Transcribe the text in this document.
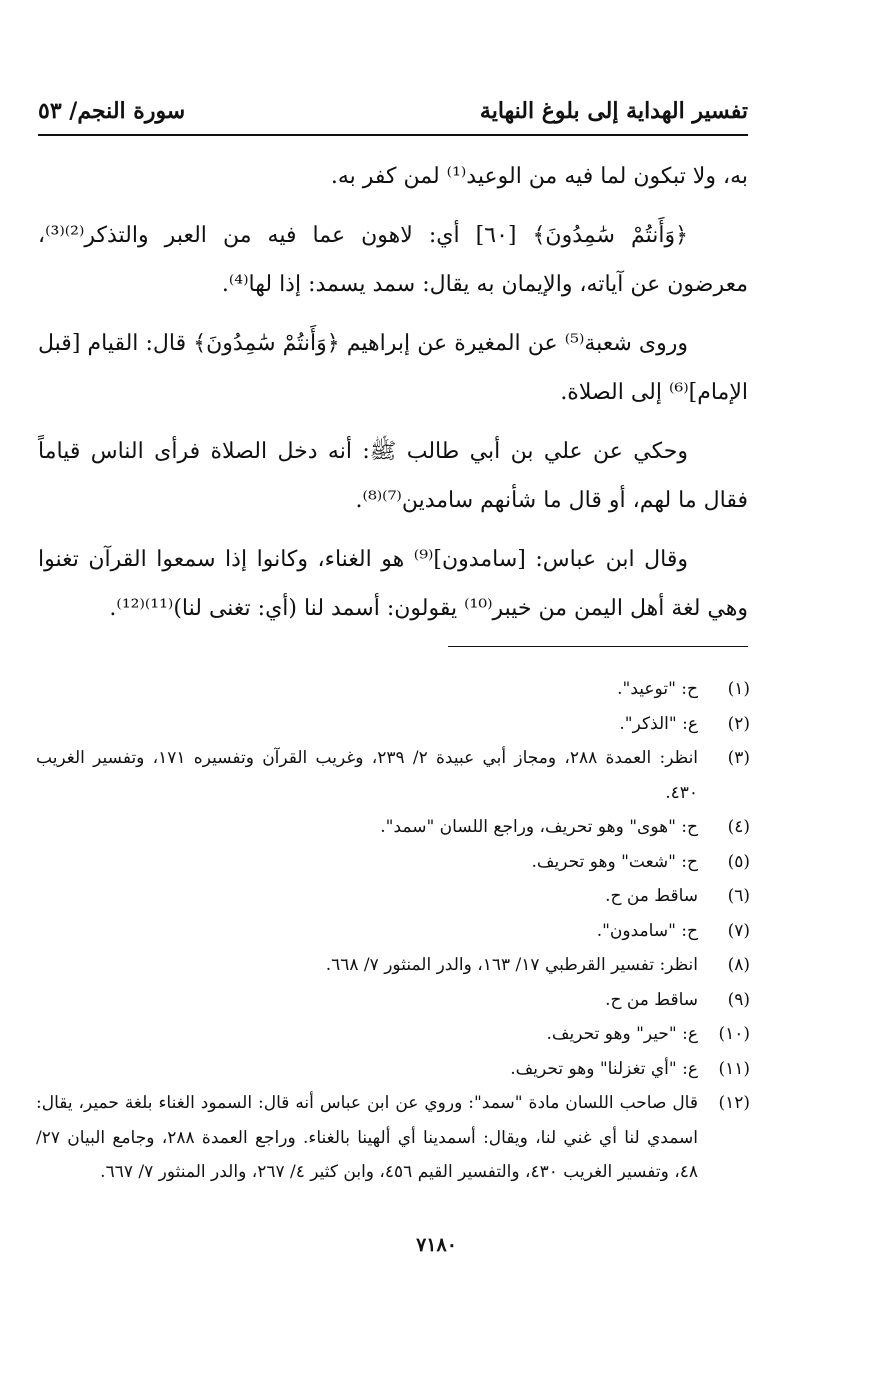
تفسير الهداية إلى بلوغ النهاية
سورة النجم/ ٥٣

به، ولا تبكون لما فيه من الوعيد⁽¹⁾ لمن كفر به.

﴿وَأَنتُمْ سَٰمِدُونَ﴾ [٦٠] أي: لاهون عما فيه من العبر والتذكر⁽²⁾⁽³⁾، معرضون عن آياته، والإيمان به يقال: سمد يسمد: إذا لها⁽⁴⁾.

وروى شعبة⁽⁵⁾ عن المغيرة عن إبراهيم ﴿وَأَنتُمْ سَٰمِدُونَ﴾ قال: القيام [قبل الإمام]⁽⁶⁾ إلى الصلاة.

وحكي عن علي بن أبي طالب ﷺ: أنه دخل الصلاة فرأى الناس قياماً فقال ما لهم، أو قال ما شأنهم سامدين⁽⁷⁾⁽⁸⁾.

وقال ابن عباس: [سامدون]⁽⁹⁾ هو الغناء، وكانوا إذا سمعوا القرآن تغنوا وهي لغة أهل اليمن من خيبر⁽¹⁰⁾ يقولون: أسمد لنا (أي: تغنى لنا)⁽¹¹⁾⁽¹²⁾.

(١)
ح: "توعيد".
(٢)
ع: "الذكر".
(٣)
انظر: العمدة ٢٨٨، ومجاز أبي عبيدة ٢/ ٢٣٩، وغريب القرآن وتفسيره ١٧١، وتفسير الغريب ٤٣٠.
(٤)
ح: "هوى" وهو تحريف، وراجع اللسان "سمد".
(٥)
ح: "شعت" وهو تحريف.
(٦)
ساقط من ح.
(٧)
ح: "سامدون".
(٨)
انظر: تفسير القرطبي ١٧/ ١٦٣، والدر المنثور ٧/ ٦٦٨.
(٩)
ساقط من ح.
(١٠)
ع: "حير" وهو تحريف.
(١١)
ع: "أي تغزلنا" وهو تحريف.
(١٢)
قال صاحب اللسان مادة "سمد": وروي عن ابن عباس أنه قال: السمود الغناء بلغة حمير، يقال: اسمدي لنا أي غني لنا، ويقال: أسمدينا أي ألهينا بالغناء. وراجع العمدة ٢٨٨، وجامع البيان ٢٧/ ٤٨، وتفسير الغريب ٤٣٠، والتفسير القيم ٤٥٦، وابن كثير ٤/ ٢٦٧، والدر المنثور ٧/ ٦٦٧.
٧١٨٠
